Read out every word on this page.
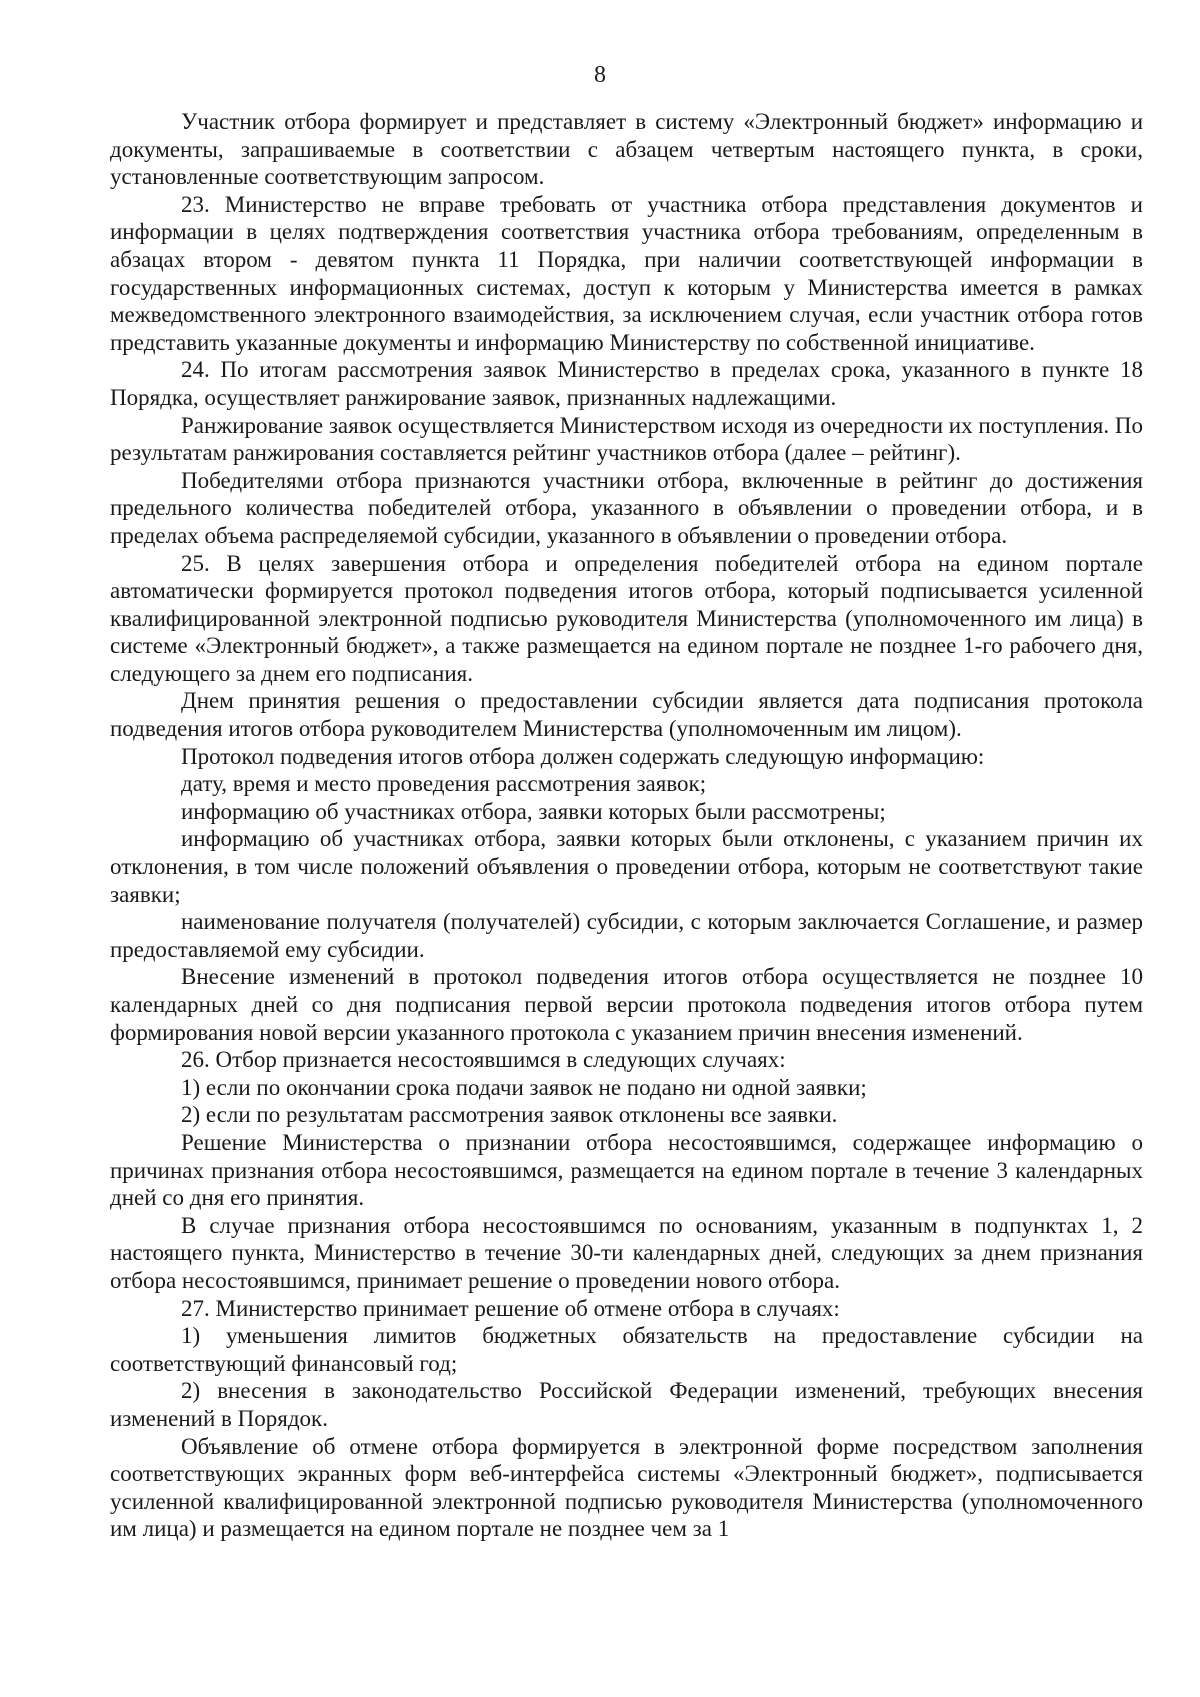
8

Участник отбора формирует и представляет в систему «Электронный бюджет» информацию и документы, запрашиваемые в соответствии с абзацем четвертым настоящего пункта, в сроки, установленные соответствующим запросом.

23. Министерство не вправе требовать от участника отбора представления документов и информации в целях подтверждения соответствия участника отбора требованиям, определенным в абзацах втором - девятом пункта 11 Порядка, при наличии соответствующей информации в государственных информационных системах, доступ к которым у Министерства имеется в рамках межведомственного электронного взаимодействия, за исключением случая, если участник отбора готов представить указанные документы и информацию Министерству по собственной инициативе.

24. По итогам рассмотрения заявок Министерство в пределах срока, указанного в пункте 18 Порядка, осуществляет ранжирование заявок, признанных надлежащими.

Ранжирование заявок осуществляется Министерством исходя из очередности их поступления. По результатам ранжирования составляется рейтинг участников отбора (далее – рейтинг).

Победителями отбора признаются участники отбора, включенные в рейтинг до достижения предельного количества победителей отбора, указанного в объявлении о проведении отбора, и в пределах объема распределяемой субсидии, указанного в объявлении о проведении отбора.

25. В целях завершения отбора и определения победителей отбора на едином портале автоматически формируется протокол подведения итогов отбора, который подписывается усиленной квалифицированной электронной подписью руководителя Министерства (уполномоченного им лица) в системе «Электронный бюджет», а также размещается на едином портале не позднее 1-го рабочего дня, следующего за днем его подписания.

Днем принятия решения о предоставлении субсидии является дата подписания протокола подведения итогов отбора руководителем Министерства (уполномоченным им лицом).

Протокол подведения итогов отбора должен содержать следующую информацию:

дату, время и место проведения рассмотрения заявок;

информацию об участниках отбора, заявки которых были рассмотрены;

информацию об участниках отбора, заявки которых были отклонены, с указанием причин их отклонения, в том числе положений объявления о проведении отбора, которым не соответствуют такие заявки;

наименование получателя (получателей) субсидии, с которым заключается Соглашение, и размер предоставляемой ему субсидии.

Внесение изменений в протокол подведения итогов отбора осуществляется не позднее 10 календарных дней со дня подписания первой версии протокола подведения итогов отбора путем формирования новой версии указанного протокола с указанием причин внесения изменений.

26. Отбор признается несостоявшимся в следующих случаях:

1) если по окончании срока подачи заявок не подано ни одной заявки;

2) если по результатам рассмотрения заявок отклонены все заявки.

Решение Министерства о признании отбора несостоявшимся, содержащее информацию о причинах признания отбора несостоявшимся, размещается на едином портале в течение 3 календарных дней со дня его принятия.

В случае признания отбора несостоявшимся по основаниям, указанным в подпунктах 1, 2 настоящего пункта, Министерство в течение 30-ти календарных дней, следующих за днем признания отбора несостоявшимся, принимает решение о проведении нового отбора.

27. Министерство принимает решение об отмене отбора в случаях:

1) уменьшения лимитов бюджетных обязательств на предоставление субсидии на соответствующий финансовый год;

2) внесения в законодательство Российской Федерации изменений, требующих внесения изменений в Порядок.

Объявление об отмене отбора формируется в электронной форме посредством заполнения соответствующих экранных форм веб-интерфейса системы «Электронный бюджет», подписывается усиленной квалифицированной электронной подписью руководителя Министерства (уполномоченного им лица) и размещается на едином портале не позднее чем за 1
